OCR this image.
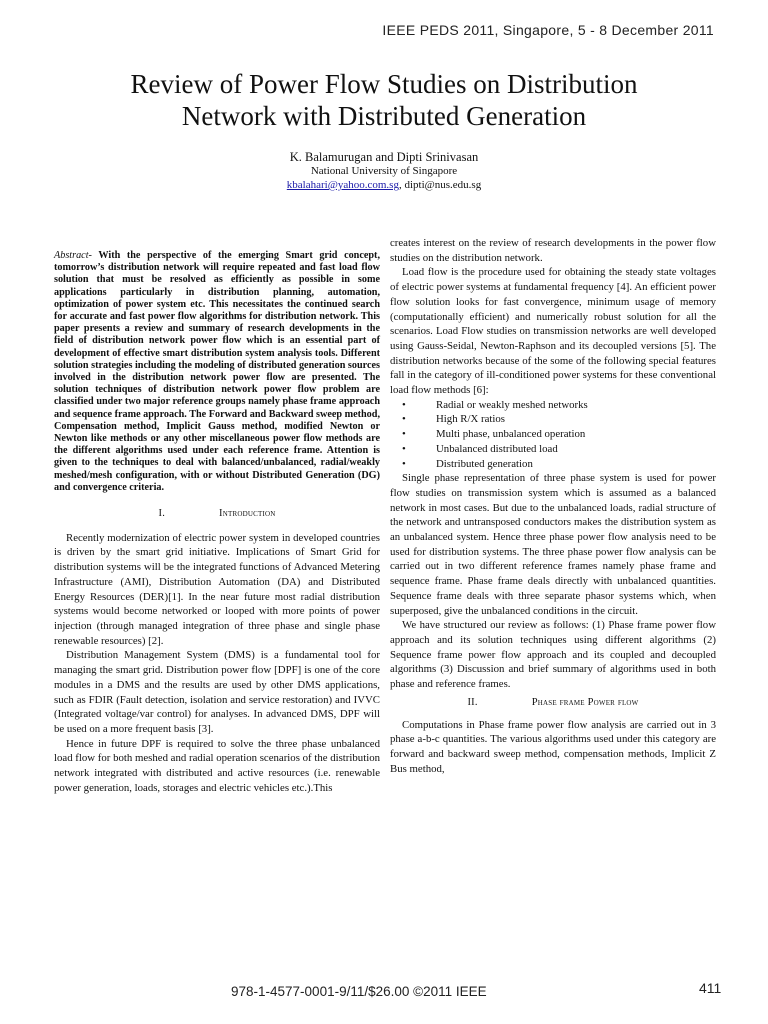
IEEE PEDS 2011, Singapore, 5 - 8 December 2011
Review of Power Flow Studies on Distribution
Network with Distributed Generation
K. Balamurugan and Dipti Srinivasan
National University of Singapore
kbalahari@yahoo.com.sg, dipti@nus.edu.sg

Abstract- With the perspective of the emerging Smart grid concept, tomorrow’s distribution network will require repeated and fast load flow solution that must be resolved as efficiently as possible in some applications particularly in distribution planning, automation, optimization of power system etc. This necessitates the continued search for accurate and fast power flow algorithms for distribution network. This paper presents a review and summary of research developments in the field of distribution network power flow which is an essential part of development of effective smart distribution system analysis tools. Different solution strategies including the modeling of distributed generation sources involved in the distribution network power flow are presented. The solution techniques of distribution network power flow problem are classified under two major reference groups namely phase frame approach and sequence frame approach. The Forward and Backward sweep method, Compensation method, Implicit Gauss method, modified Newton or Newton like methods or any other miscellaneous power flow methods are the different algorithms used under each reference frame. Attention is given to the techniques to deal with balanced/unbalanced, radial/weakly meshed/mesh configuration, with or without Distributed Generation (DG) and convergence criteria.

I.	Introduction

Recently modernization of electric power system in developed countries is driven by the smart grid initiative. Implications of Smart Grid for distribution systems will be the integrated functions of Advanced Metering Infrastructure (AMI), Distribution Automation (DA) and Distributed Energy Resources (DER)[1]. In the near future most radial distribution systems would become networked or looped with more points of power injection (through managed integration of three phase and single phase renewable resources) [2].

Distribution Management System (DMS) is a fundamental tool for managing the smart grid. Distribution power flow [DPF] is one of the core modules in a DMS and the results are used by other DMS applications, such as FDIR (Fault detection, isolation and service restoration) and IVVC (Integrated voltage/var control) for analyses. In advanced DMS, DPF will be used on a more frequent basis [3].

Hence in future DPF is required to solve the three phase unbalanced load flow for both meshed and radial operation scenarios of the distribution network integrated with distributed and active resources (i.e. renewable power generation, loads, storages and electric vehicles etc.).This

creates interest on the review of research developments in the power flow studies on the distribution network.

Load flow is the procedure used for obtaining the steady state voltages of electric power systems at fundamental frequency [4]. An efficient power flow solution looks for fast convergence, minimum usage of memory (computationally efficient) and numerically robust solution for all the scenarios. Load Flow studies on transmission networks are well developed using Gauss-Seidal, Newton-Raphson and its decoupled versions [5]. The distribution networks because of the some of the following special features fall in the category of ill-conditioned power systems for these conventional load flow methods [6]:

•	Radial or weakly meshed networks
•	High R/X ratios
•	Multi phase, unbalanced operation
•	Unbalanced distributed load
•	Distributed generation

Single phase representation of three phase system is used for power flow studies on transmission system which is assumed as a balanced network in most cases. But due to the unbalanced loads, radial structure of the network and untransposed conductors makes the distribution system as an unbalanced system. Hence three phase power flow analysis need to be used for distribution systems. The three phase power flow analysis can be carried out in two different reference frames namely phase frame and sequence frame. Phase frame deals directly with unbalanced quantities. Sequence frame deals with three separate phasor systems which, when superposed, give the unbalanced conditions in the circuit.

We have structured our review as follows: (1) Phase frame power flow approach and its solution techniques using different algorithms (2) Sequence frame power flow approach and its coupled and decoupled algorithms (3) Discussion and brief summary of algorithms used in both phase and reference frames.

II.	Phase frame Power flow

Computations in Phase frame power flow analysis are carried out in 3 phase a-b-c quantities. The various algorithms used under this category are forward and backward sweep method, compensation methods, Implicit Z Bus method,

978-1-4577-0001-9/11/$26.00 ©2011 IEEE	411
